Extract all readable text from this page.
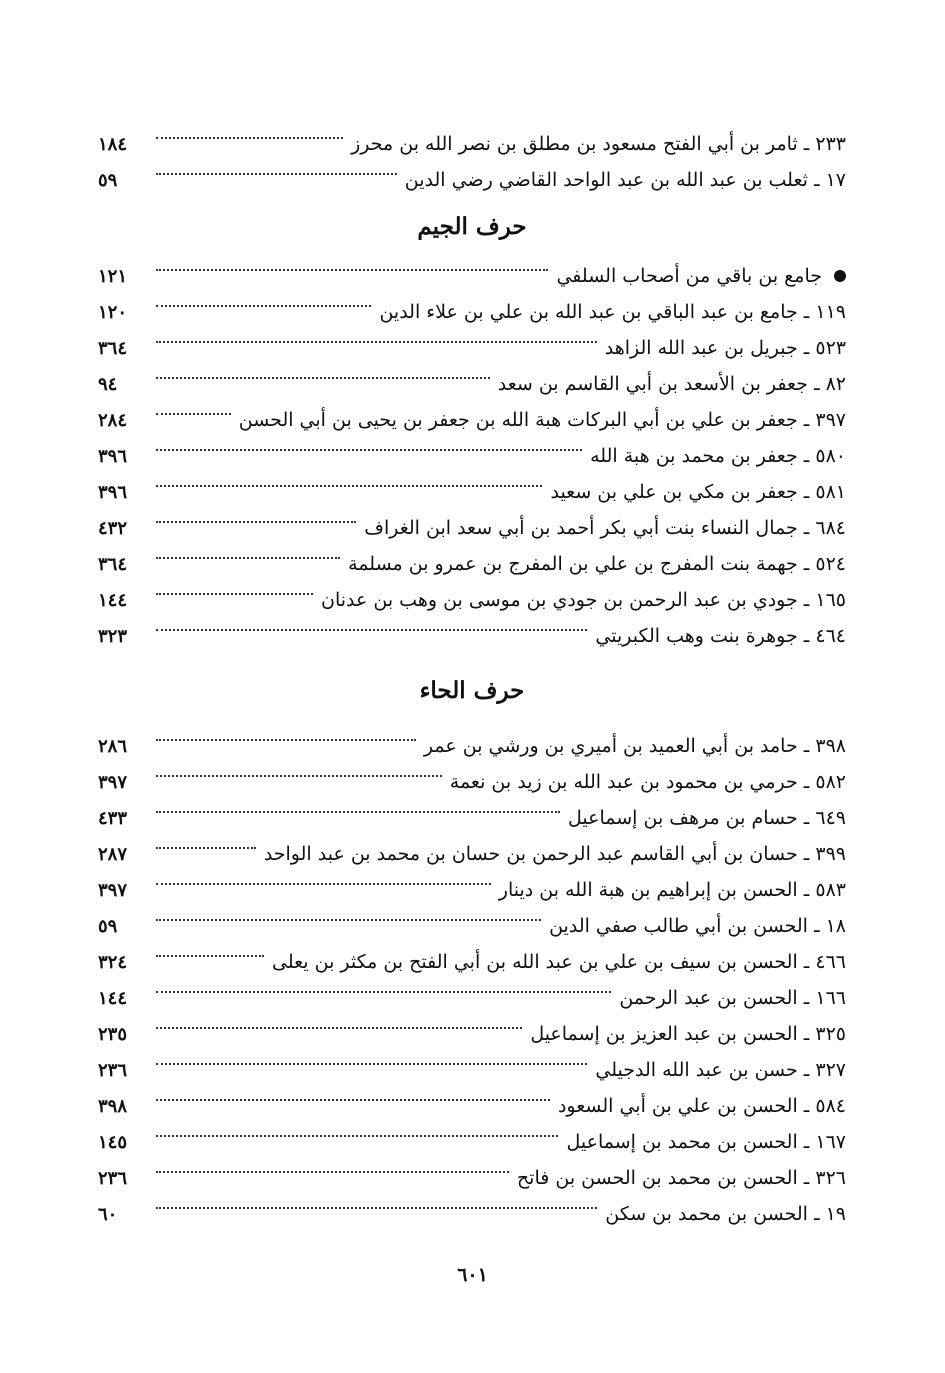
٢٣٣ ـ ثامر بن أبي الفتح مسعود بن مطلق بن نصر الله بن محرز
١٨٤
١٧ ـ ثعلب بن عبد الله بن عبد الواحد القاضي رضي الدين
٥٩
حرف الجيم
جامع بن باقي من أصحاب السلفي
١٢١
١١٩ ـ جامع بن عبد الباقي بن عبد الله بن علي بن علاء الدين
١٢٠
٥٢٣ ـ جبريل بن عبد الله الزاهد
٣٦٤
٨٢ ـ جعفر بن الأسعد بن أبي القاسم بن سعد
٩٤
٣٩٧ ـ جعفر بن علي بن أبي البركات هبة الله بن جعفر بن يحيى بن أبي الحسن
٢٨٤
٥٨٠ ـ جعفر بن محمد بن هبة الله
٣٩٦
٥٨١ ـ جعفر بن مكي بن علي بن سعيد
٣٩٦
٦٨٤ ـ جمال النساء بنت أبي بكر أحمد بن أبي سعد ابن الغراف
٤٣٢
٥٢٤ ـ جهمة بنت المفرج بن علي بن المفرج بن عمرو بن مسلمة
٣٦٤
١٦٥ ـ جودي بن عبد الرحمن بن جودي بن موسى بن وهب بن عدنان
١٤٤
٤٦٤ ـ جوهرة بنت وهب الكبريتي
٣٢٣
حرف الحاء
٣٩٨ ـ حامد بن أبي العميد بن أميري بن ورشي بن عمر
٢٨٦
٥٨٢ ـ حرمي بن محمود بن عبد الله بن زيد بن نعمة
٣٩٧
٦٤٩ ـ حسام بن مرهف بن إسماعيل
٤٣٣
٣٩٩ ـ حسان بن أبي القاسم عبد الرحمن بن حسان بن محمد بن عبد الواحد
٢٨٧
٥٨٣ ـ الحسن بن إبراهيم بن هبة الله بن دينار
٣٩٧
١٨ ـ الحسن بن أبي طالب صفي الدين
٥٩
٤٦٦ ـ الحسن بن سيف بن علي بن عبد الله بن أبي الفتح بن مكثر بن يعلى
٣٢٤
١٦٦ ـ الحسن بن عبد الرحمن
١٤٤
٣٢٥ ـ الحسن بن عبد العزيز بن إسماعيل
٢٣٥
٣٢٧ ـ حسن بن عبد الله الدجيلي
٢٣٦
٥٨٤ ـ الحسن بن علي بن أبي السعود
٣٩٨
١٦٧ ـ الحسن بن محمد بن إسماعيل
١٤٥
٣٢٦ ـ الحسن بن محمد بن الحسن بن فاتح
٢٣٦
١٩ ـ الحسن بن محمد بن سكن
٦٠
٦٠١
